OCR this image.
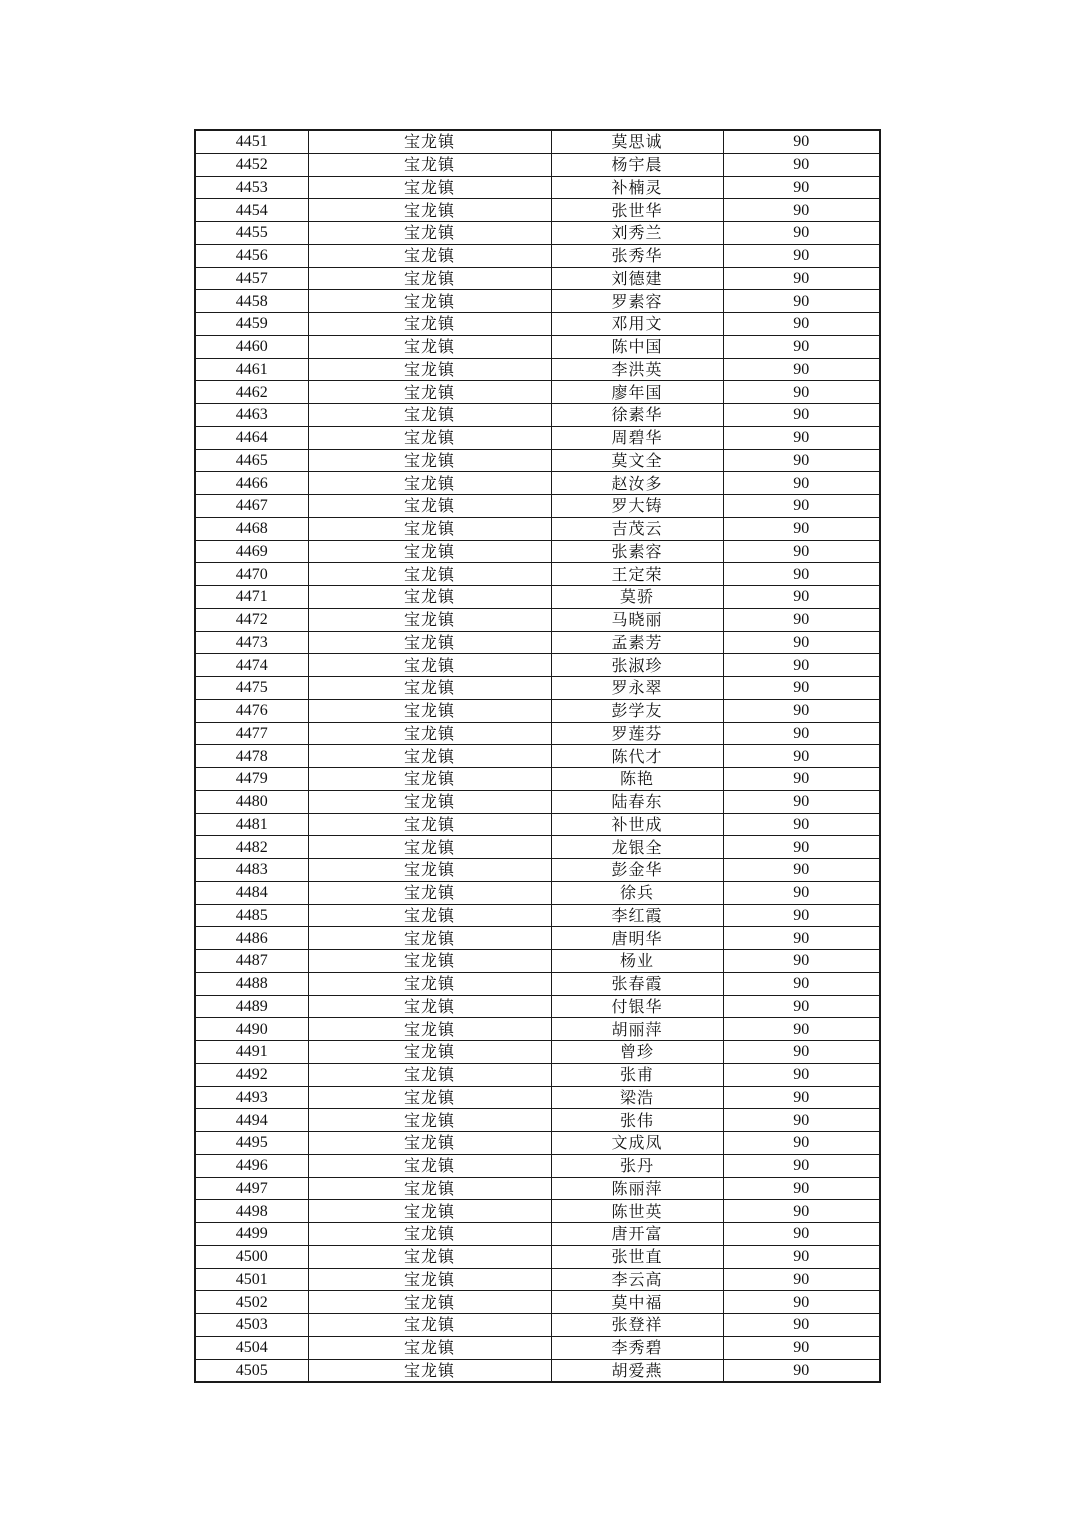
4451	宝龙镇	莫思诚	90
4452	宝龙镇	杨宇晨	90
4453	宝龙镇	补楠灵	90
4454	宝龙镇	张世华	90
4455	宝龙镇	刘秀兰	90
4456	宝龙镇	张秀华	90
4457	宝龙镇	刘德建	90
4458	宝龙镇	罗素容	90
4459	宝龙镇	邓用文	90
4460	宝龙镇	陈中国	90
4461	宝龙镇	李洪英	90
4462	宝龙镇	廖年国	90
4463	宝龙镇	徐素华	90
4464	宝龙镇	周碧华	90
4465	宝龙镇	莫文全	90
4466	宝龙镇	赵汝多	90
4467	宝龙镇	罗大铸	90
4468	宝龙镇	吉茂云	90
4469	宝龙镇	张素容	90
4470	宝龙镇	王定荣	90
4471	宝龙镇	莫骄	90
4472	宝龙镇	马晓丽	90
4473	宝龙镇	孟素芳	90
4474	宝龙镇	张淑珍	90
4475	宝龙镇	罗永翠	90
4476	宝龙镇	彭学友	90
4477	宝龙镇	罗莲芬	90
4478	宝龙镇	陈代才	90
4479	宝龙镇	陈艳	90
4480	宝龙镇	陆春东	90
4481	宝龙镇	补世成	90
4482	宝龙镇	龙银全	90
4483	宝龙镇	彭金华	90
4484	宝龙镇	徐兵	90
4485	宝龙镇	李红霞	90
4486	宝龙镇	唐明华	90
4487	宝龙镇	杨业	90
4488	宝龙镇	张春霞	90
4489	宝龙镇	付银华	90
4490	宝龙镇	胡丽萍	90
4491	宝龙镇	曾珍	90
4492	宝龙镇	张甫	90
4493	宝龙镇	梁浩	90
4494	宝龙镇	张伟	90
4495	宝龙镇	文成凤	90
4496	宝龙镇	张丹	90
4497	宝龙镇	陈丽萍	90
4498	宝龙镇	陈世英	90
4499	宝龙镇	唐开富	90
4500	宝龙镇	张世直	90
4501	宝龙镇	李云高	90
4502	宝龙镇	莫中福	90
4503	宝龙镇	张登祥	90
4504	宝龙镇	李秀碧	90
4505	宝龙镇	胡爱燕	90
